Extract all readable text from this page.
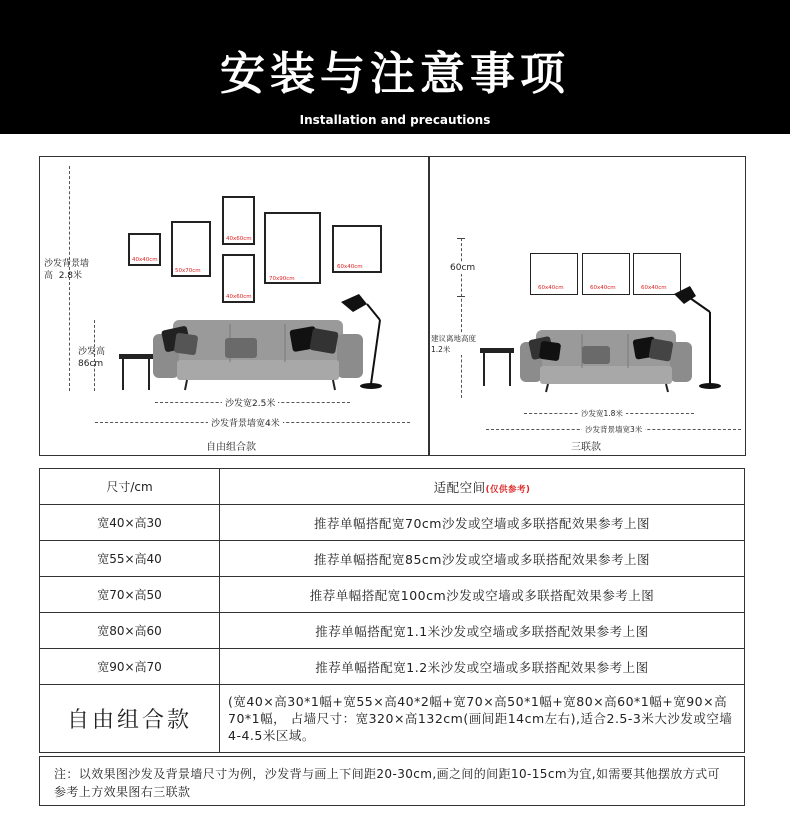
安装与注意事项
Installation and precautions
沙发背景墙
高  2.8米
沙发高
86cm
40x40cm
50x70cm
40x60cm
40x60cm
70x90cm
60x40cm
沙发宽2.5米
沙发背景墙宽4米
自由组合款
60cm
建议离地高度
1.2米
60x40cm	60x40cm	60x40cm
沙发宽1.8米
沙发背景墙宽3米
三联款
尺寸/cm	适配空间(仅供参考)
宽40×高30	推荐单幅搭配宽70cm沙发或空墙或多联搭配效果参考上图
宽55×高40	推荐单幅搭配宽85cm沙发或空墙或多联搭配效果参考上图
宽70×高50	推荐单幅搭配宽100cm沙发或空墙或多联搭配效果参考上图
宽80×高60	推荐单幅搭配宽1.1米沙发或空墙或多联搭配效果参考上图
宽90×高70	推荐单幅搭配宽1.2米沙发或空墙或多联搭配效果参考上图
自由组合款	(宽40×高30*1幅+宽55×高40*2幅+宽70×高50*1幅+宽80×高60*1幅+宽90×高70*1幅， 占墙尺寸：宽320×高132cm(画间距14cm左右),适合2.5-3米大沙发或空墙4-4.5米区域。
注：以效果图沙发及背景墙尺寸为例，沙发背与画上下间距20-30cm,画之间的间距10-15cm为宜,如需要其他摆放方式可参考上方效果图右三联款
